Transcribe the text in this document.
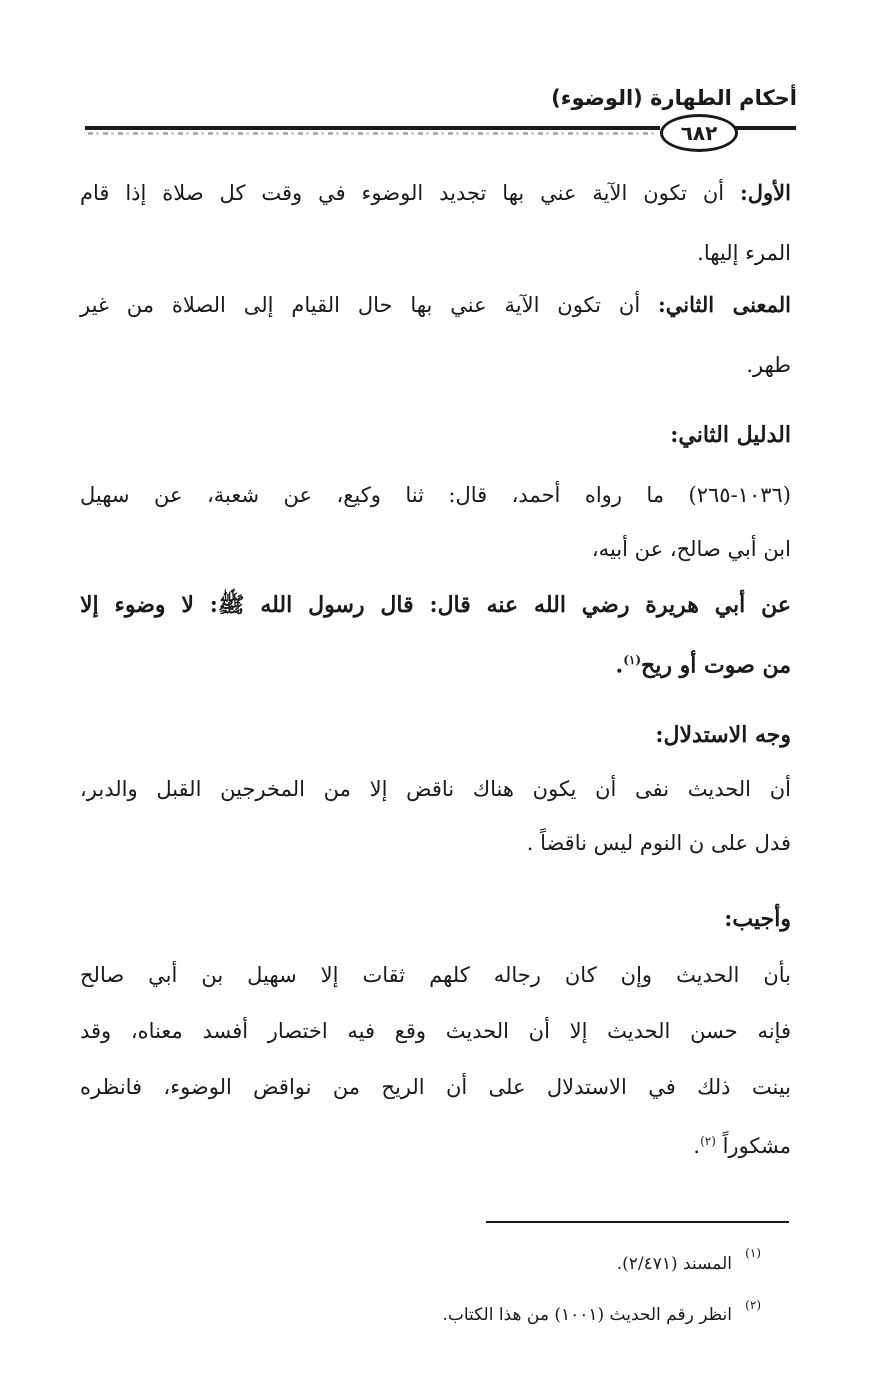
أحكام الطهارة (الوضوء)
٦٨٢
الأول: أن تكون الآية عني بها تجديد الوضوء في وقت كل صلاة إذا قام
المرء إليها.
المعنى الثاني: أن تكون الآية عني بها حال القيام إلى الصلاة من غير
طهر.
الدليل الثاني:
(١٠٣٦-٢٦٥) ما رواه أحمد، قال: ثنا وكيع، عن شعبة، عن سهيل
ابن أبي صالح، عن أبيه،
عن أبي هريرة رضي الله عنه قال: قال رسول الله ﷺ: لا وضوء إلا
من صوت أو ريح$^{(١)}$.
وجه الاستدلال:
أن الحديث نفى أن يكون هناك ناقض إلا من المخرجين القبل والدبر،
فدل على ن النوم ليس ناقضاً .
وأجيب:
بأن الحديث وإن كان رجاله كلهم ثقات إلا سهيل بن أبي صالح
فإنه حسن الحديث إلا أن الحديث وقع فيه اختصار أفسد معناه، وقد
بينت ذلك في الاستدلال على أن الريح من نواقض الوضوء، فانظره
مشكوراً $^{(٢)}$.
(١)
المسند (٢/٤٧١).
(٢)
انظر رقم الحديث (١٠٠١) من هذا الكتاب.
